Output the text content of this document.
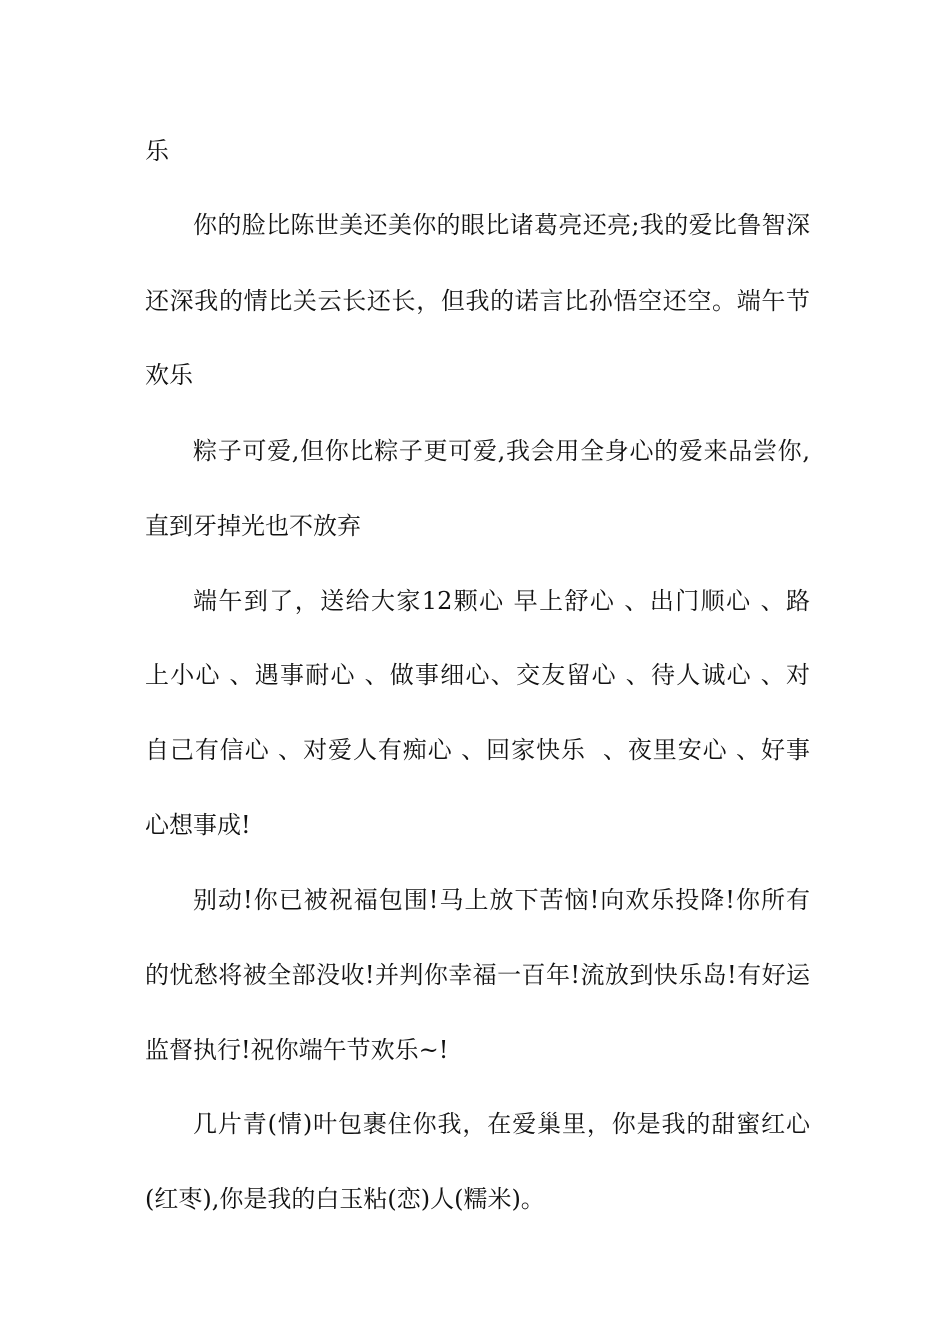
乐
你的脸比陈世美还美你的眼比诸葛亮还亮;我的爱比鲁智深
还深我的情比关云长还长，但我的诺言比孙悟空还空。端午节
欢乐
粽子可爱,但你比粽子更可爱,我会用全身心的爱来品尝你,
直到牙掉光也不放弃
端午到了，送给大家12颗心 早上舒心 、出门顺心 、路
上小心 、遇事耐心 、做事细心、交友留心 、待人诚心 、对
自己有信心 、对爱人有痴心 、回家快乐  、夜里安心 、好事
心想事成!
别动!你已被祝福包围!马上放下苦恼!向欢乐投降!你所有
的忧愁将被全部没收!并判你幸福一百年!流放到快乐岛!有好运
监督执行!祝你端午节欢乐~!
几片青(情)叶包裹住你我，在爱巢里，你是我的甜蜜红心
(红枣),你是我的白玉粘(恋)人(糯米)。
